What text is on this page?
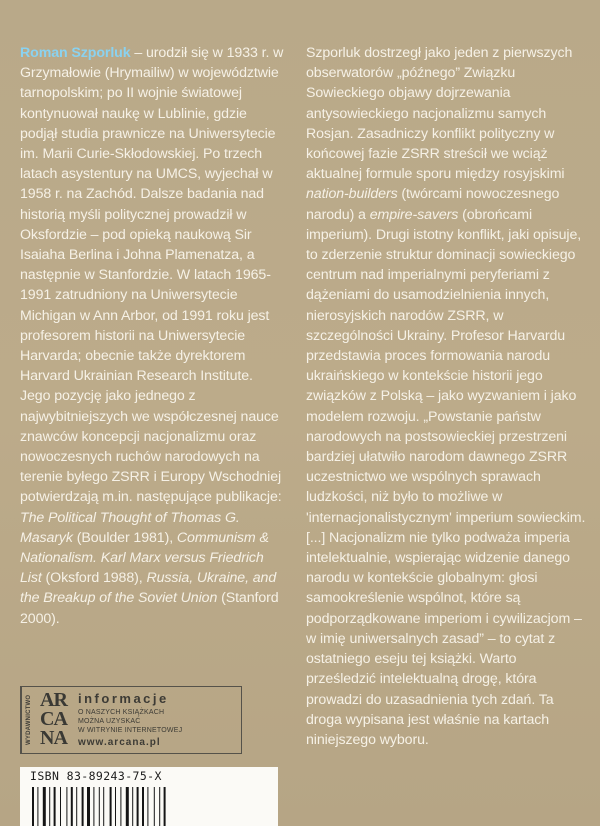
Roman Szporluk – urodził się w 1933 r. w Grzymałowie (Hrymailiw) w województwie tarnopolskim; po II wojnie światowej kontynuował naukę w Lublinie, gdzie podjął studia prawnicze na Uniwersytecie im. Marii Curie-Skłodowskiej. Po trzech latach asystentury na UMCS, wyjechał w 1958 r. na Zachód. Dalsze badania nad historią myśli politycznej prowadził w Oksfordzie – pod opieką naukową Sir Isaiaha Berlina i Johna Plamenatza, a następnie w Stanfordzie. W latach 1965-1991 zatrudniony na Uniwersytecie Michigan w Ann Arbor, od 1991 roku jest profesorem historii na Uniwersytecie Harvarda; obecnie także dyrektorem Harvard Ukrainian Research Institute. Jego pozycję jako jednego z najwybitniejszych we współczesnej nauce znawców koncepcji nacjonalizmu oraz nowoczesnych ruchów narodowych na terenie byłego ZSRR i Europy Wschodniej potwierdzają m.in. następujące publikacje: The Political Thought of Thomas G. Masaryk (Boulder 1981), Communism & Nationalism. Karl Marx versus Friedrich List (Oksford 1988), Russia, Ukraine, and the Breakup of the Soviet Union (Stanford 2000).

Szporluk dostrzegł jako jeden z pierwszych obserwatorów „późnego” Związku Sowieckiego objawy dojrzewania antysowieckiego nacjonalizmu samych Rosjan. Zasadniczy konflikt polityczny w końcowej fazie ZSRR streścił we wciąż aktualnej formule sporu między rosyjskimi nation-builders (twórcami nowoczesnego narodu) a empire-savers (obrońcami imperium). Drugi istotny konflikt, jaki opisuje, to zderzenie struktur dominacji sowieckiego centrum nad imperialnymi peryferiami z dążeniami do usamodzielnienia innych, nierosyjskich narodów ZSRR, w szczególności Ukrainy. Profesor Harvardu przedstawia proces formowania narodu ukraińskiego w kontekście historii jego związków z Polską – jako wyzwaniem i jako modelem rozwoju. „Powstanie państw narodowych na postsowieckiej przestrzeni bardziej ułatwiło narodom dawnego ZSRR uczestnictwo we wspólnych sprawach ludzkości, niż było to możliwe w 'internacjonalistycznym' imperium sowieckim. [...] Nacjonalizm nie tylko podważa imperia intelektualnie, wspierając widzenie danego narodu w kontekście globalnym: głosi samookreślenie wspólnot, które są podporządkowane imperiom i cywilizacjom – w imię uniwersalnych zasad” – to cytat z ostatniego eseju tej książki. Warto prześledzić intelektualną drogę, która prowadzi do uzasadnienia tych zdań. Ta droga wypisana jest właśnie na kartach niniejszego wyboru.

WYDAWNICTWO AR
CA
NA
informacje
O NASZYCH KSIĄŻKACH
MOŻNA UZYSKAĆ
W WITRYNIE INTERNETOWEJ
www.arcana.pl
ISBN 83-89243-75-X
